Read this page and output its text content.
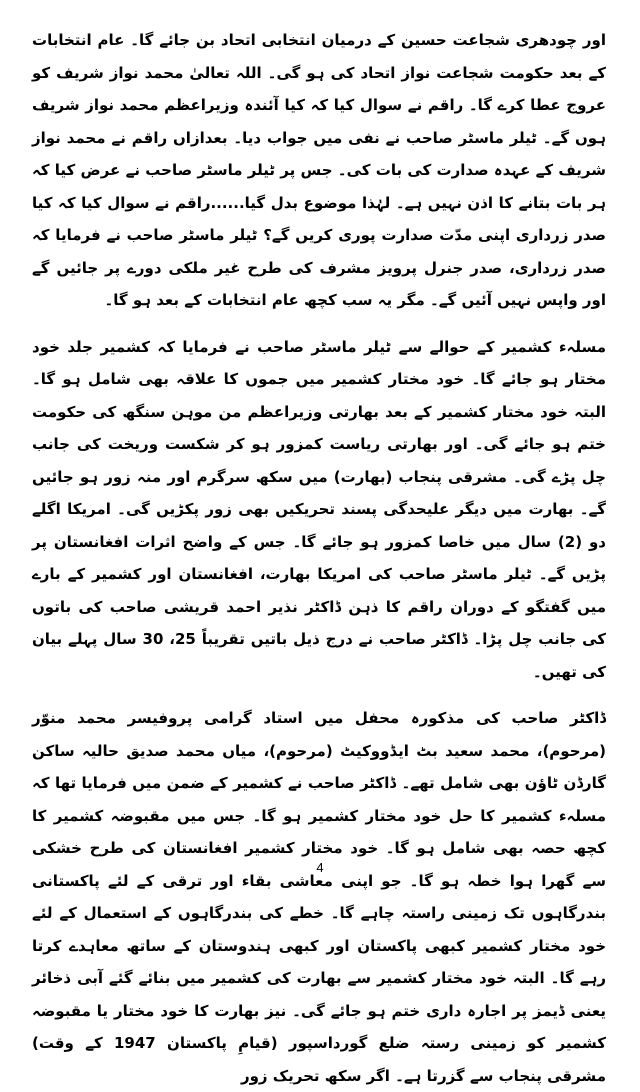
اور چودھری شجاعت حسین کے درمیان انتخابی اتحاد بن جائے گا۔ عام انتخابات کے بعد حکومت شجاعت نواز اتحاد کی ہو گی۔ اللہ تعالیٰ محمد نواز شریف کو عروج عطا کرے گا۔ راقم نے سوال کیا کہ کیا آئندہ وزیراعظم محمد نواز شریف ہوں گے۔ ٹیلر ماسٹر صاحب نے نفی میں جواب دیا۔ بعدازاں راقم نے محمد نواز شریف کے عہدہ صدارت کی بات کی۔ جس پر ٹیلر ماسٹر صاحب نے عرض کیا کہ ہر بات بتانے کا اذن نہیں ہے۔ لہٰذا موضوع بدل گیا......راقم نے سوال کیا کہ کیا صدر زرداری اپنی مدّت صدارت پوری کریں گے؟ ٹیلر ماسٹر صاحب نے فرمایا کہ صدر زرداری، صدر جنرل پرویز مشرف کی طرح غیر ملکی دورے پر جائیں گے اور واپس نہیں آئیں گے۔ مگر یہ سب کچھ عام انتخابات کے بعد ہو گا۔

مسلہء کشمیر کے حوالے سے ٹیلر ماسٹر صاحب نے فرمایا کہ کشمیر جلد خود مختار ہو جائے گا۔ خود مختار کشمیر میں جموں کا علاقہ بھی شامل ہو گا۔ البتہ خود مختار کشمیر کے بعد بھارتی وزیراعظم من موہن سنگھ کی حکومت ختم ہو جائے گی۔ اور بھارتی ریاست کمزور ہو کر شکست وریخت کی جانب چل پڑے گی۔ مشرقی پنجاب (بھارت) میں سکھ سرگرم اور منہ زور ہو جائیں گے۔ بھارت میں دیگر علیحدگی پسند تحریکیں بھی زور پکڑیں گی۔ امریکا اگلے دو (2) سال میں خاصا کمزور ہو جائے گا۔ جس کے واضح اثرات افغانستان پر پڑیں گے۔ ٹیلر ماسٹر صاحب کی امریکا بھارت، افغانستان اور کشمیر کے بارے میں گفتگو کے دوران راقم کا ذہن ڈاکٹر نذیر احمد قریشی صاحب کی باتوں کی جانب چل پڑا۔ ڈاکٹر صاحب نے درج ذیل باتیں تقریباً 25، 30 سال پہلے بیان کی تھیں۔

ڈاکٹر صاحب کی مذکورہ محفل میں استاد گرامی پروفیسر محمد منوّر (مرحوم)، محمد سعید بٹ ایڈووکیٹ (مرحوم)، میاں محمد صدیق حالیہ ساکن گارڈن ٹاؤن بھی شامل تھے۔ ڈاکٹر صاحب نے کشمیر کے ضمن میں فرمایا تھا کہ مسلہء کشمیر کا حل خود مختار کشمیر ہو گا۔ جس میں مقبوضہ کشمیر کا کچھ حصہ بھی شامل ہو گا۔ خود مختار کشمیر افغانستان کی طرح خشکی سے گھرا ہوا خطہ ہو گا۔ جو اپنی معاشی بقاء اور ترقی کے لئے پاکستانی بندرگاہوں تک زمینی راستہ چاہے گا۔ خطے کی بندرگاہوں کے استعمال کے لئے خود مختار کشمیر کبھی پاکستان اور کبھی ہندوستان کے ساتھ معاہدے کرتا رہے گا۔ البتہ خود مختار کشمیر سے بھارت کی کشمیر میں بنائے گئے آبی ذخائر یعنی ڈیمز پر اجارہ داری ختم ہو جائے گی۔ نیز بھارت کا خود مختار یا مقبوضہ کشمیر کو زمینی رستہ ضلع گورداسپور (قیامِ پاکستان 1947 کے وقت) مشرقی پنجاب سے گزرتا ہے۔ اگر سکھ تحریک زور

4
